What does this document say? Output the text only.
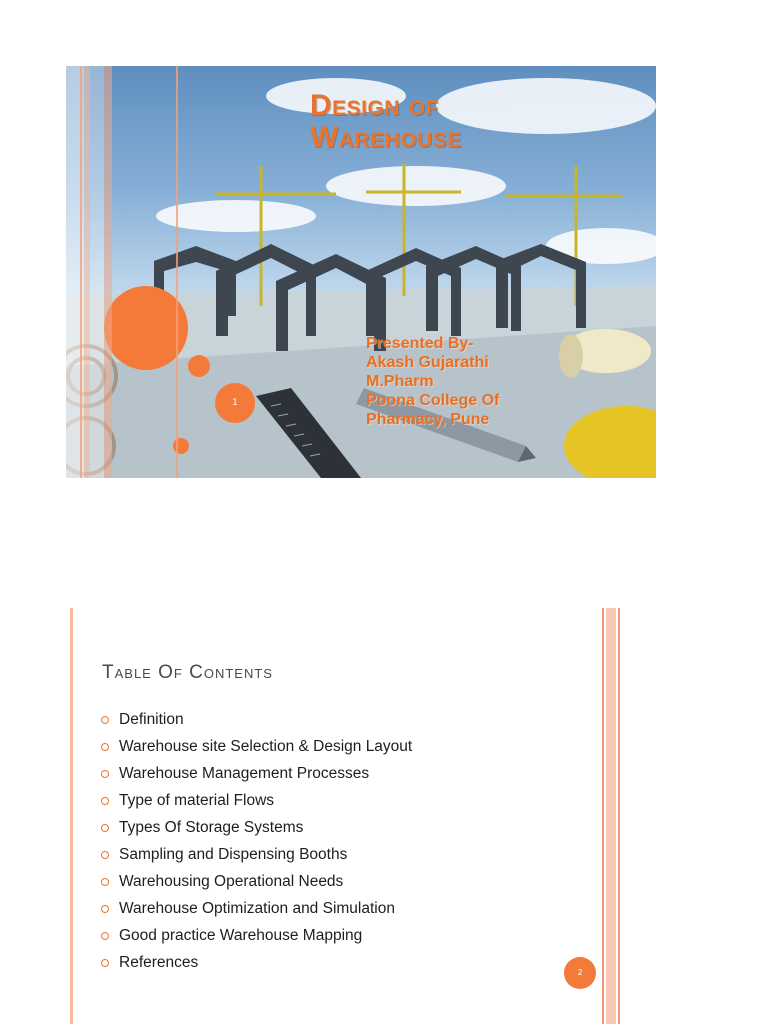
Design of
Warehouse
Presented By-
Akash Gujarathi
M.Pharm
Poona College Of
Pharmacy, Pune
1
Table Of Contents
Definition
Warehouse site Selection & Design Layout
Warehouse Management Processes
Type of material Flows
Types Of Storage Systems
Sampling and Dispensing Booths
Warehousing Operational Needs
Warehouse Optimization and Simulation
Good practice Warehouse Mapping
References
2
